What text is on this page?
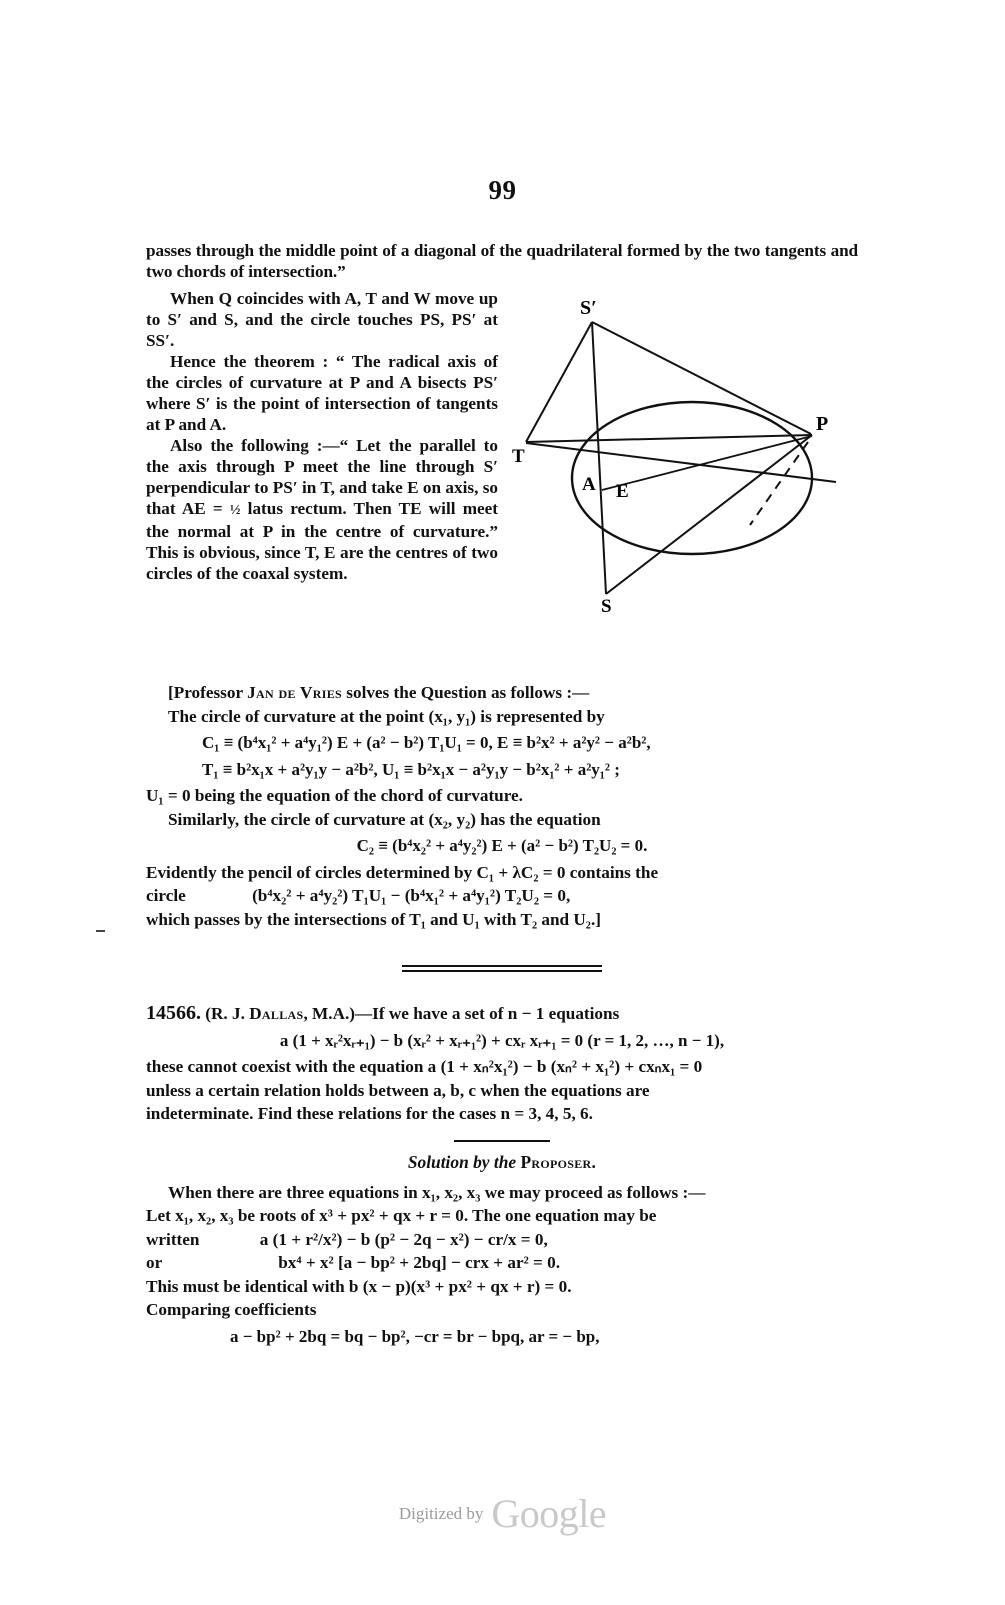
99

passes through the middle point of a diagonal of the quadrilateral formed by the two tangents and two chords of intersection.”

When Q coincides with A, T and W move up to S′ and S, and the circle touches PS, PS′ at SS′.

Hence the theorem : “ The radical axis of the circles of curvature at P and A bisects PS′ where S′ is the point of intersection of tangents at P and A.

Also the following :—“ Let the parallel to the axis through P meet the line through S′ perpendicular to PS′ in T, and take E on axis, so that AE = ½ latus rectum. Then TE will meet the normal at P in the centre of curvature.” This is obvious, since T, E are the centres of two circles of the coaxal system.

S′
P
T
A E
S

[Professor Jan de Vries solves the Question as follows :—

The circle of curvature at the point (x₁, y₁) is represented by

C₁ ≡ (b⁴x₁² + a⁴y₁²) E + (a² − b²) T₁U₁ = 0, E ≡ b²x² + a²y² − a²b²,
T₁ ≡ b²x₁x + a²y₁y − a²b², U₁ ≡ b²x₁x − a²y₁y − b²x₁² + a²y₁² ;

U₁ = 0 being the equation of the chord of curvature.

Similarly, the circle of curvature at (x₂, y₂) has the equation

C₂ ≡ (b⁴x₂² + a⁴y₂²) E + (a² − b²) T₂U₂ = 0.

Evidently the pencil of circles determined by C₁ + λC₂ = 0 contains the

circle	(b⁴x₂² + a⁴y₂²) T₁U₁ − (b⁴x₁² + a⁴y₁²) T₂U₂ = 0,

which passes by the intersections of T₁ and U₁ with T₂ and U₂.]

14566. (R. J. Dallas, M.A.)—If we have a set of n − 1 equations

a (1 + xᵣ²xᵣ₊₁) − b (xᵣ² + xᵣ₊₁²) + cxᵣ xᵣ₊₁ = 0 (r = 1, 2, …, n − 1),

these cannot coexist with the equation a (1 + xₙ²x₁²) − b (xₙ² + x₁²) + cxₙx₁ = 0

unless a certain relation holds between a, b, c when the equations are

indeterminate. Find these relations for the cases n = 3, 4, 5, 6.

Solution by the Proposer.

When there are three equations in x₁, x₂, x₃ we may proceed as follows :—

Let x₁, x₂, x₃ be roots of x³ + px² + qx + r = 0. The one equation may be

written	a (1 + r²/x²) − b (p² − 2q − x²) − cr/x = 0,

or	bx⁴ + x² [a − bp² + 2bq] − crx + ar² = 0.

This must be identical with b (x − p)(x³ + px² + qx + r) = 0.

Comparing coefficients

a − bp² + 2bq = bq − bp², −cr = br − bpq, ar = − bp,
Digitized by Google
